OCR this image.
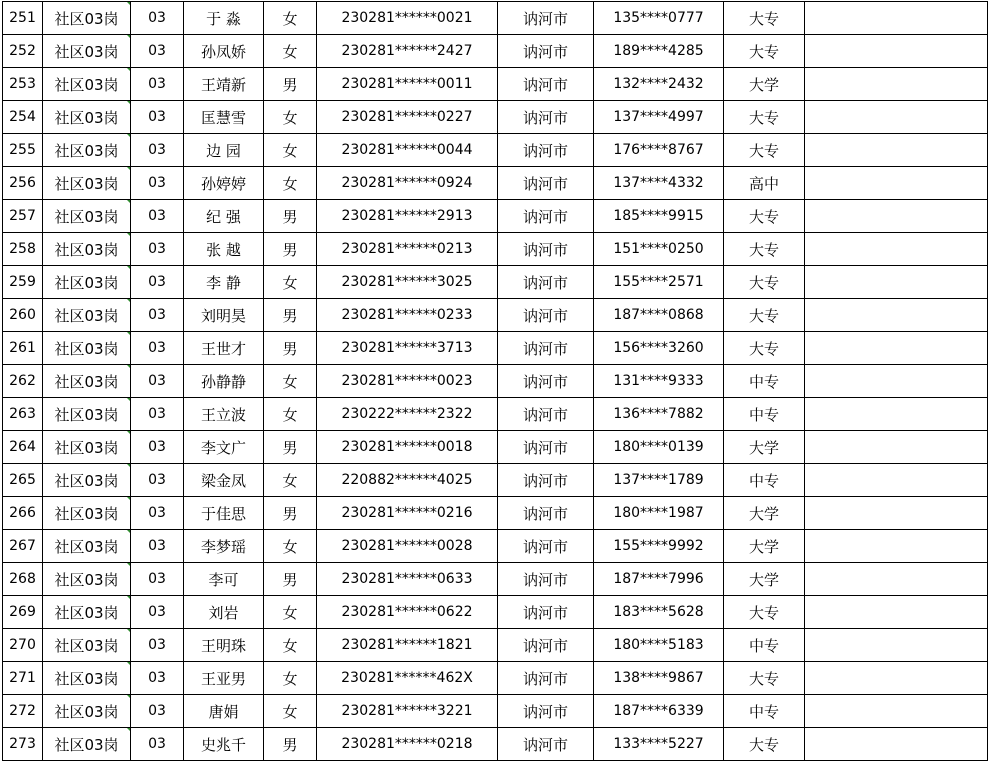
251	社区03岗	03	于 淼	女	230281******0021	讷河市	135****0777	大专	
252	社区03岗	03	孙凤娇	女	230281******2427	讷河市	189****4285	大专	
253	社区03岗	03	王靖新	男	230281******0011	讷河市	132****2432	大学	
254	社区03岗	03	匡慧雪	女	230281******0227	讷河市	137****4997	大专	
255	社区03岗	03	边 园	女	230281******0044	讷河市	176****8767	大专	
256	社区03岗	03	孙婷婷	女	230281******0924	讷河市	137****4332	高中	
257	社区03岗	03	纪 强	男	230281******2913	讷河市	185****9915	大专	
258	社区03岗	03	张 越	男	230281******0213	讷河市	151****0250	大专	
259	社区03岗	03	李 静	女	230281******3025	讷河市	155****2571	大专	
260	社区03岗	03	刘明昊	男	230281******0233	讷河市	187****0868	大专	
261	社区03岗	03	王世才	男	230281******3713	讷河市	156****3260	大专	
262	社区03岗	03	孙静静	女	230281******0023	讷河市	131****9333	中专	
263	社区03岗	03	王立波	女	230222******2322	讷河市	136****7882	中专	
264	社区03岗	03	李文广	男	230281******0018	讷河市	180****0139	大学	
265	社区03岗	03	梁金凤	女	220882******4025	讷河市	137****1789	中专	
266	社区03岗	03	于佳思	男	230281******0216	讷河市	180****1987	大学	
267	社区03岗	03	李梦瑶	女	230281******0028	讷河市	155****9992	大学	
268	社区03岗	03	李可	男	230281******0633	讷河市	187****7996	大学	
269	社区03岗	03	刘岩	女	230281******0622	讷河市	183****5628	大专	
270	社区03岗	03	王明珠	女	230281******1821	讷河市	180****5183	中专	
271	社区03岗	03	王亚男	女	230281******462X	讷河市	138****9867	大专	
272	社区03岗	03	唐娟	女	230281******3221	讷河市	187****6339	中专	
273	社区03岗	03	史兆千	男	230281******0218	讷河市	133****5227	大专	
